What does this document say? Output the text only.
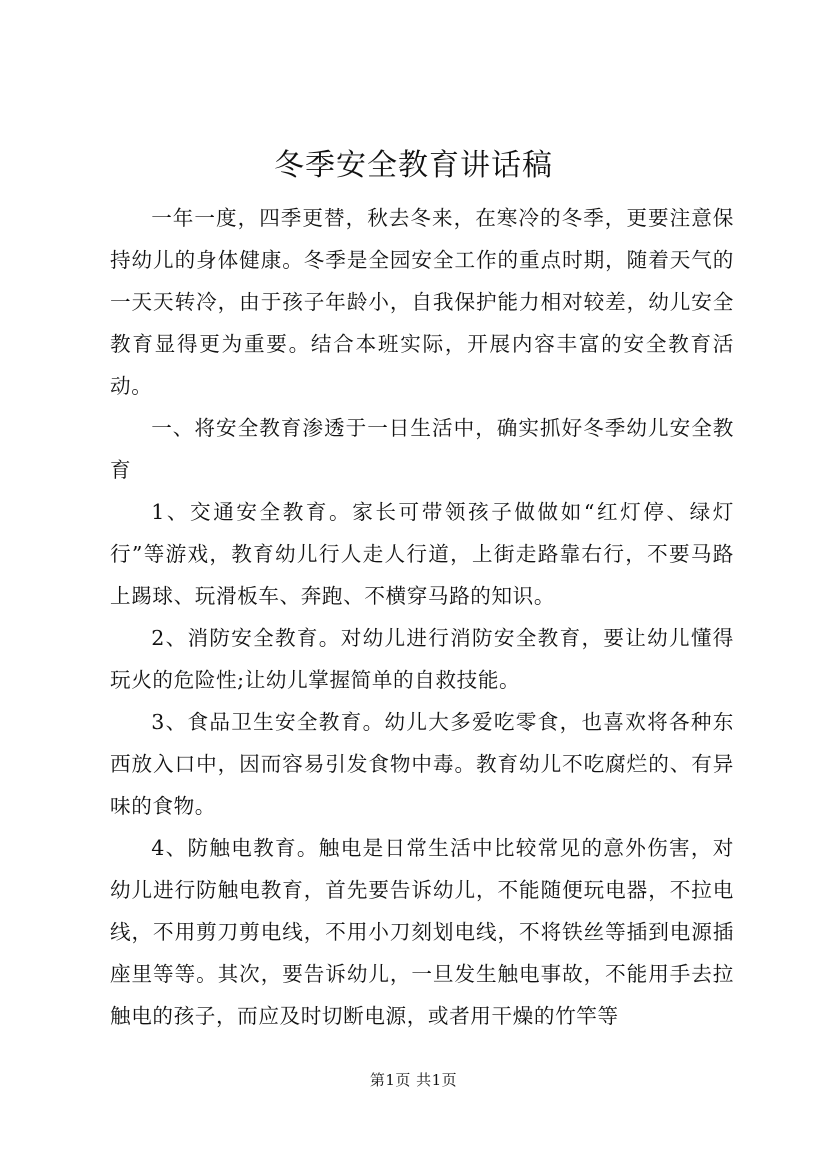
冬季安全教育讲话稿

一年一度，四季更替，秋去冬来，在寒冷的冬季，更要注意保持幼儿的身体健康。冬季是全园安全工作的重点时期，随着天气的一天天转冷，由于孩子年龄小，自我保护能力相对较差，幼儿安全教育显得更为重要。结合本班实际，开展内容丰富的安全教育活动。

一、将安全教育渗透于一日生活中，确实抓好冬季幼儿安全教育

1、交通安全教育。家长可带领孩子做做如“红灯停、绿灯行”等游戏，教育幼儿行人走人行道，上街走路靠右行，不要马路上踢球、玩滑板车、奔跑、不横穿马路的知识。

2、消防安全教育。对幼儿进行消防安全教育，要让幼儿懂得玩火的危险性;让幼儿掌握简单的自救技能。

3、食品卫生安全教育。幼儿大多爱吃零食，也喜欢将各种东西放入口中，因而容易引发食物中毒。教育幼儿不吃腐烂的、有异味的食物。

4、防触电教育。触电是日常生活中比较常见的意外伤害，对幼儿进行防触电教育，首先要告诉幼儿，不能随便玩电器，不拉电线，不用剪刀剪电线，不用小刀刻划电线，不将铁丝等插到电源插座里等等。其次，要告诉幼儿，一旦发生触电事故，不能用手去拉触电的孩子，而应及时切断电源，或者用干燥的竹竿等

第1页 共1页
